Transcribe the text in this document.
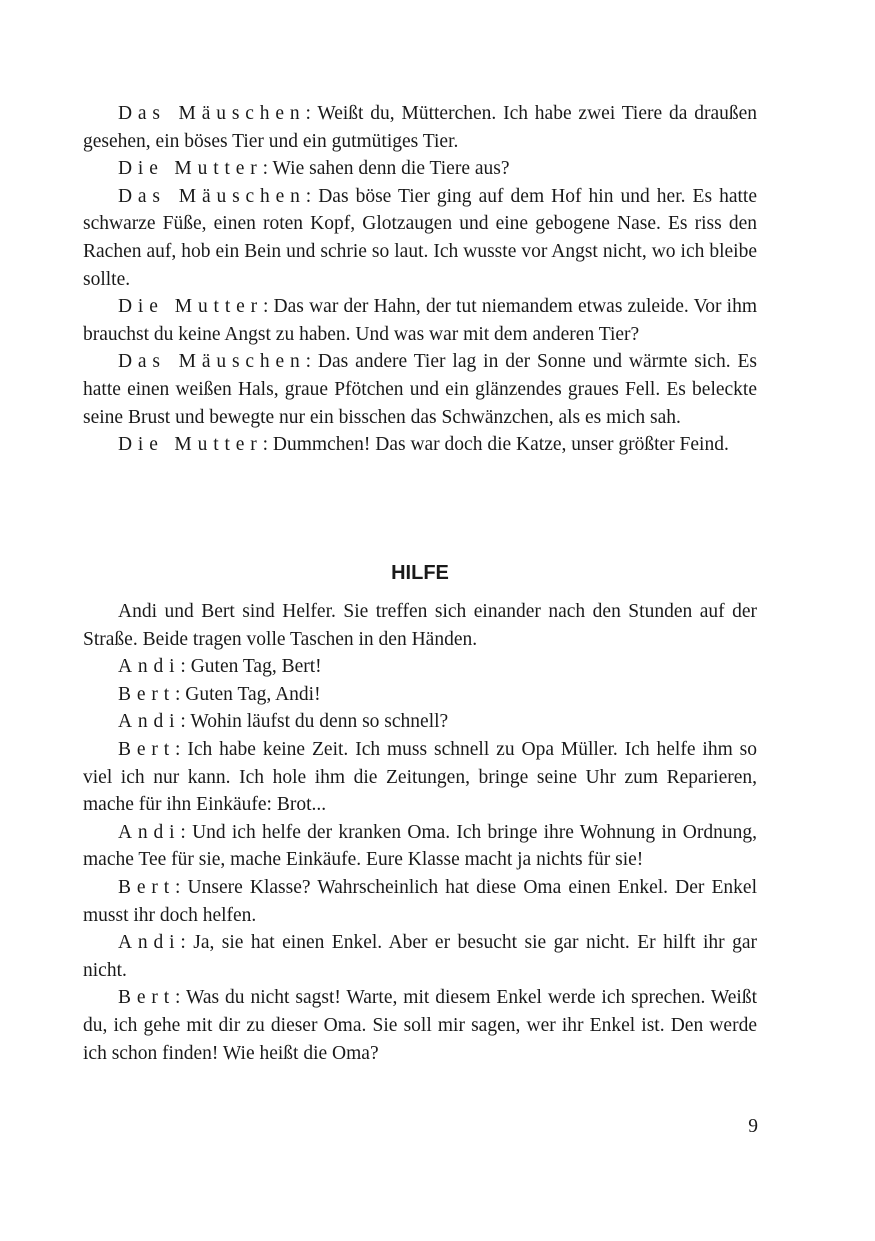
Das Mäuschen: Weißt du, Mütterchen. Ich habe zwei Tiere da draußen gesehen, ein böses Tier und ein gutmütiges Tier.

Die Mutter: Wie sahen denn die Tiere aus?

Das Mäuschen: Das böse Tier ging auf dem Hof hin und her. Es hatte schwarze Füße, einen roten Kopf, Glotzaugen und eine gebogene Nase. Es riss den Rachen auf, hob ein Bein und schrie so laut. Ich wusste vor Angst nicht, wo ich bleibe sollte.

Die Mutter: Das war der Hahn, der tut niemandem etwas zuleide. Vor ihm brauchst du keine Angst zu haben. Und was war mit dem anderen Tier?

Das Mäuschen: Das andere Tier lag in der Sonne und wärmte sich. Es hatte einen weißen Hals, graue Pfötchen und ein glänzendes graues Fell. Es beleckte seine Brust und bewegte nur ein bisschen das Schwänzchen, als es mich sah.

Die Mutter: Dummchen! Das war doch die Katze, unser größter Feind.

HILFE

Andi und Bert sind Helfer. Sie treffen sich einander nach den Stunden auf der Straße. Beide tragen volle Taschen in den Händen.

Andi: Guten Tag, Bert!

Bert: Guten Tag, Andi!

Andi: Wohin läufst du denn so schnell?

Bert: Ich habe keine Zeit. Ich muss schnell zu Opa Müller. Ich helfe ihm so viel ich nur kann. Ich hole ihm die Zeitungen, bringe seine Uhr zum Reparieren, mache für ihn Einkäufe: Brot...

Andi: Und ich helfe der kranken Oma. Ich bringe ihre Wohnung in Ordnung, mache Tee für sie, mache Einkäufe. Eure Klasse macht ja nichts für sie!

Bert: Unsere Klasse? Wahrscheinlich hat diese Oma einen Enkel. Der Enkel musst ihr doch helfen.

Andi: Ja, sie hat einen Enkel. Aber er besucht sie gar nicht. Er hilft ihr gar nicht.

Bert: Was du nicht sagst! Warte, mit diesem Enkel werde ich sprechen. Weißt du, ich gehe mit dir zu dieser Oma. Sie soll mir sagen, wer ihr Enkel ist. Den werde ich schon finden! Wie heißt die Oma?

9
